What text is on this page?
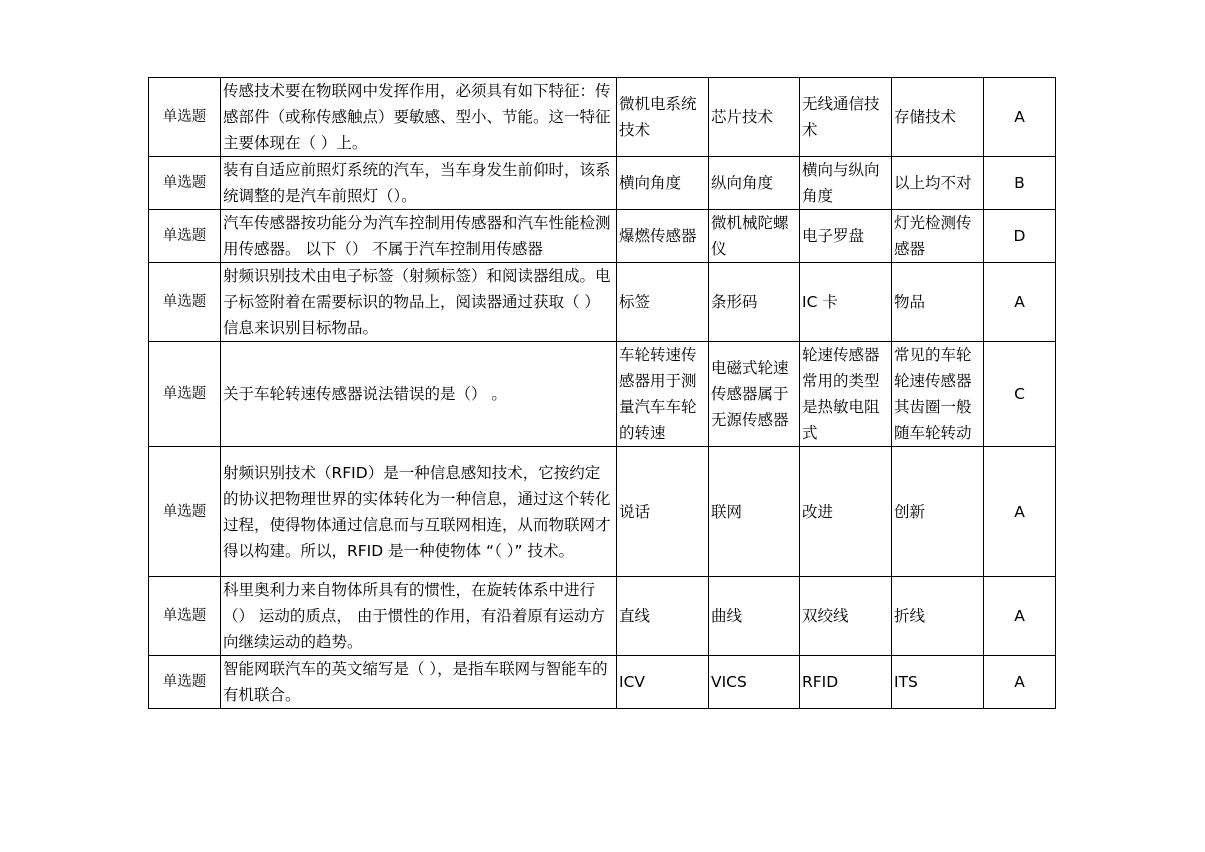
单选题	传感技术要在物联网中发挥作用，必须具有如下特征：传感部件（或称传感触点）要敏感、型小、节能。这一特征主要体现在（ ）上。	微机电系统技术	芯片技术	无线通信技术	存储技术	A
单选题	装有自适应前照灯系统的汽车，当车身发生前仰时，该系统调整的是汽车前照灯（）。	横向角度	纵向角度	横向与纵向角度	以上均不对	B
单选题	汽车传感器按功能分为汽车控制用传感器和汽车性能检测用传感器。 以下（） 不属于汽车控制用传感器	爆燃传感器	微机械陀螺仪	电子罗盘	灯光检测传感器	D
单选题	射频识别技术由电子标签（射频标签）和阅读器组成。电子标签附着在需要标识的物品上，阅读器通过获取（ ）信息来识别目标物品。	标签	条形码	IC 卡	物品	A
单选题	关于车轮转速传感器说法错误的是（） 。	车轮转速传感器用于测量汽车车轮的转速	电磁式轮速传感器属于无源传感器	轮速传感器常用的类型是热敏电阻式	常见的车轮轮速传感器其齿圈一般随车轮转动	C
单选题	射频识别技术（RFID）是一种信息感知技术，它按约定的协议把物理世界的实体转化为一种信息，通过这个转化过程，使得物体通过信息而与互联网相连，从而物联网才得以构建。所以，RFID 是一种使物体 “（ ）” 技术。	说话	联网	改进	创新	A
单选题	科里奥利力来自物体所具有的惯性，在旋转体系中进行（） 运动的质点， 由于惯性的作用，有沿着原有运动方向继续运动的趋势。	直线	曲线	双绞线	折线	A
单选题	智能网联汽车的英文缩写是（ ），是指车联网与智能车的有机联合。	ICV	VICS	RFID	ITS	A
